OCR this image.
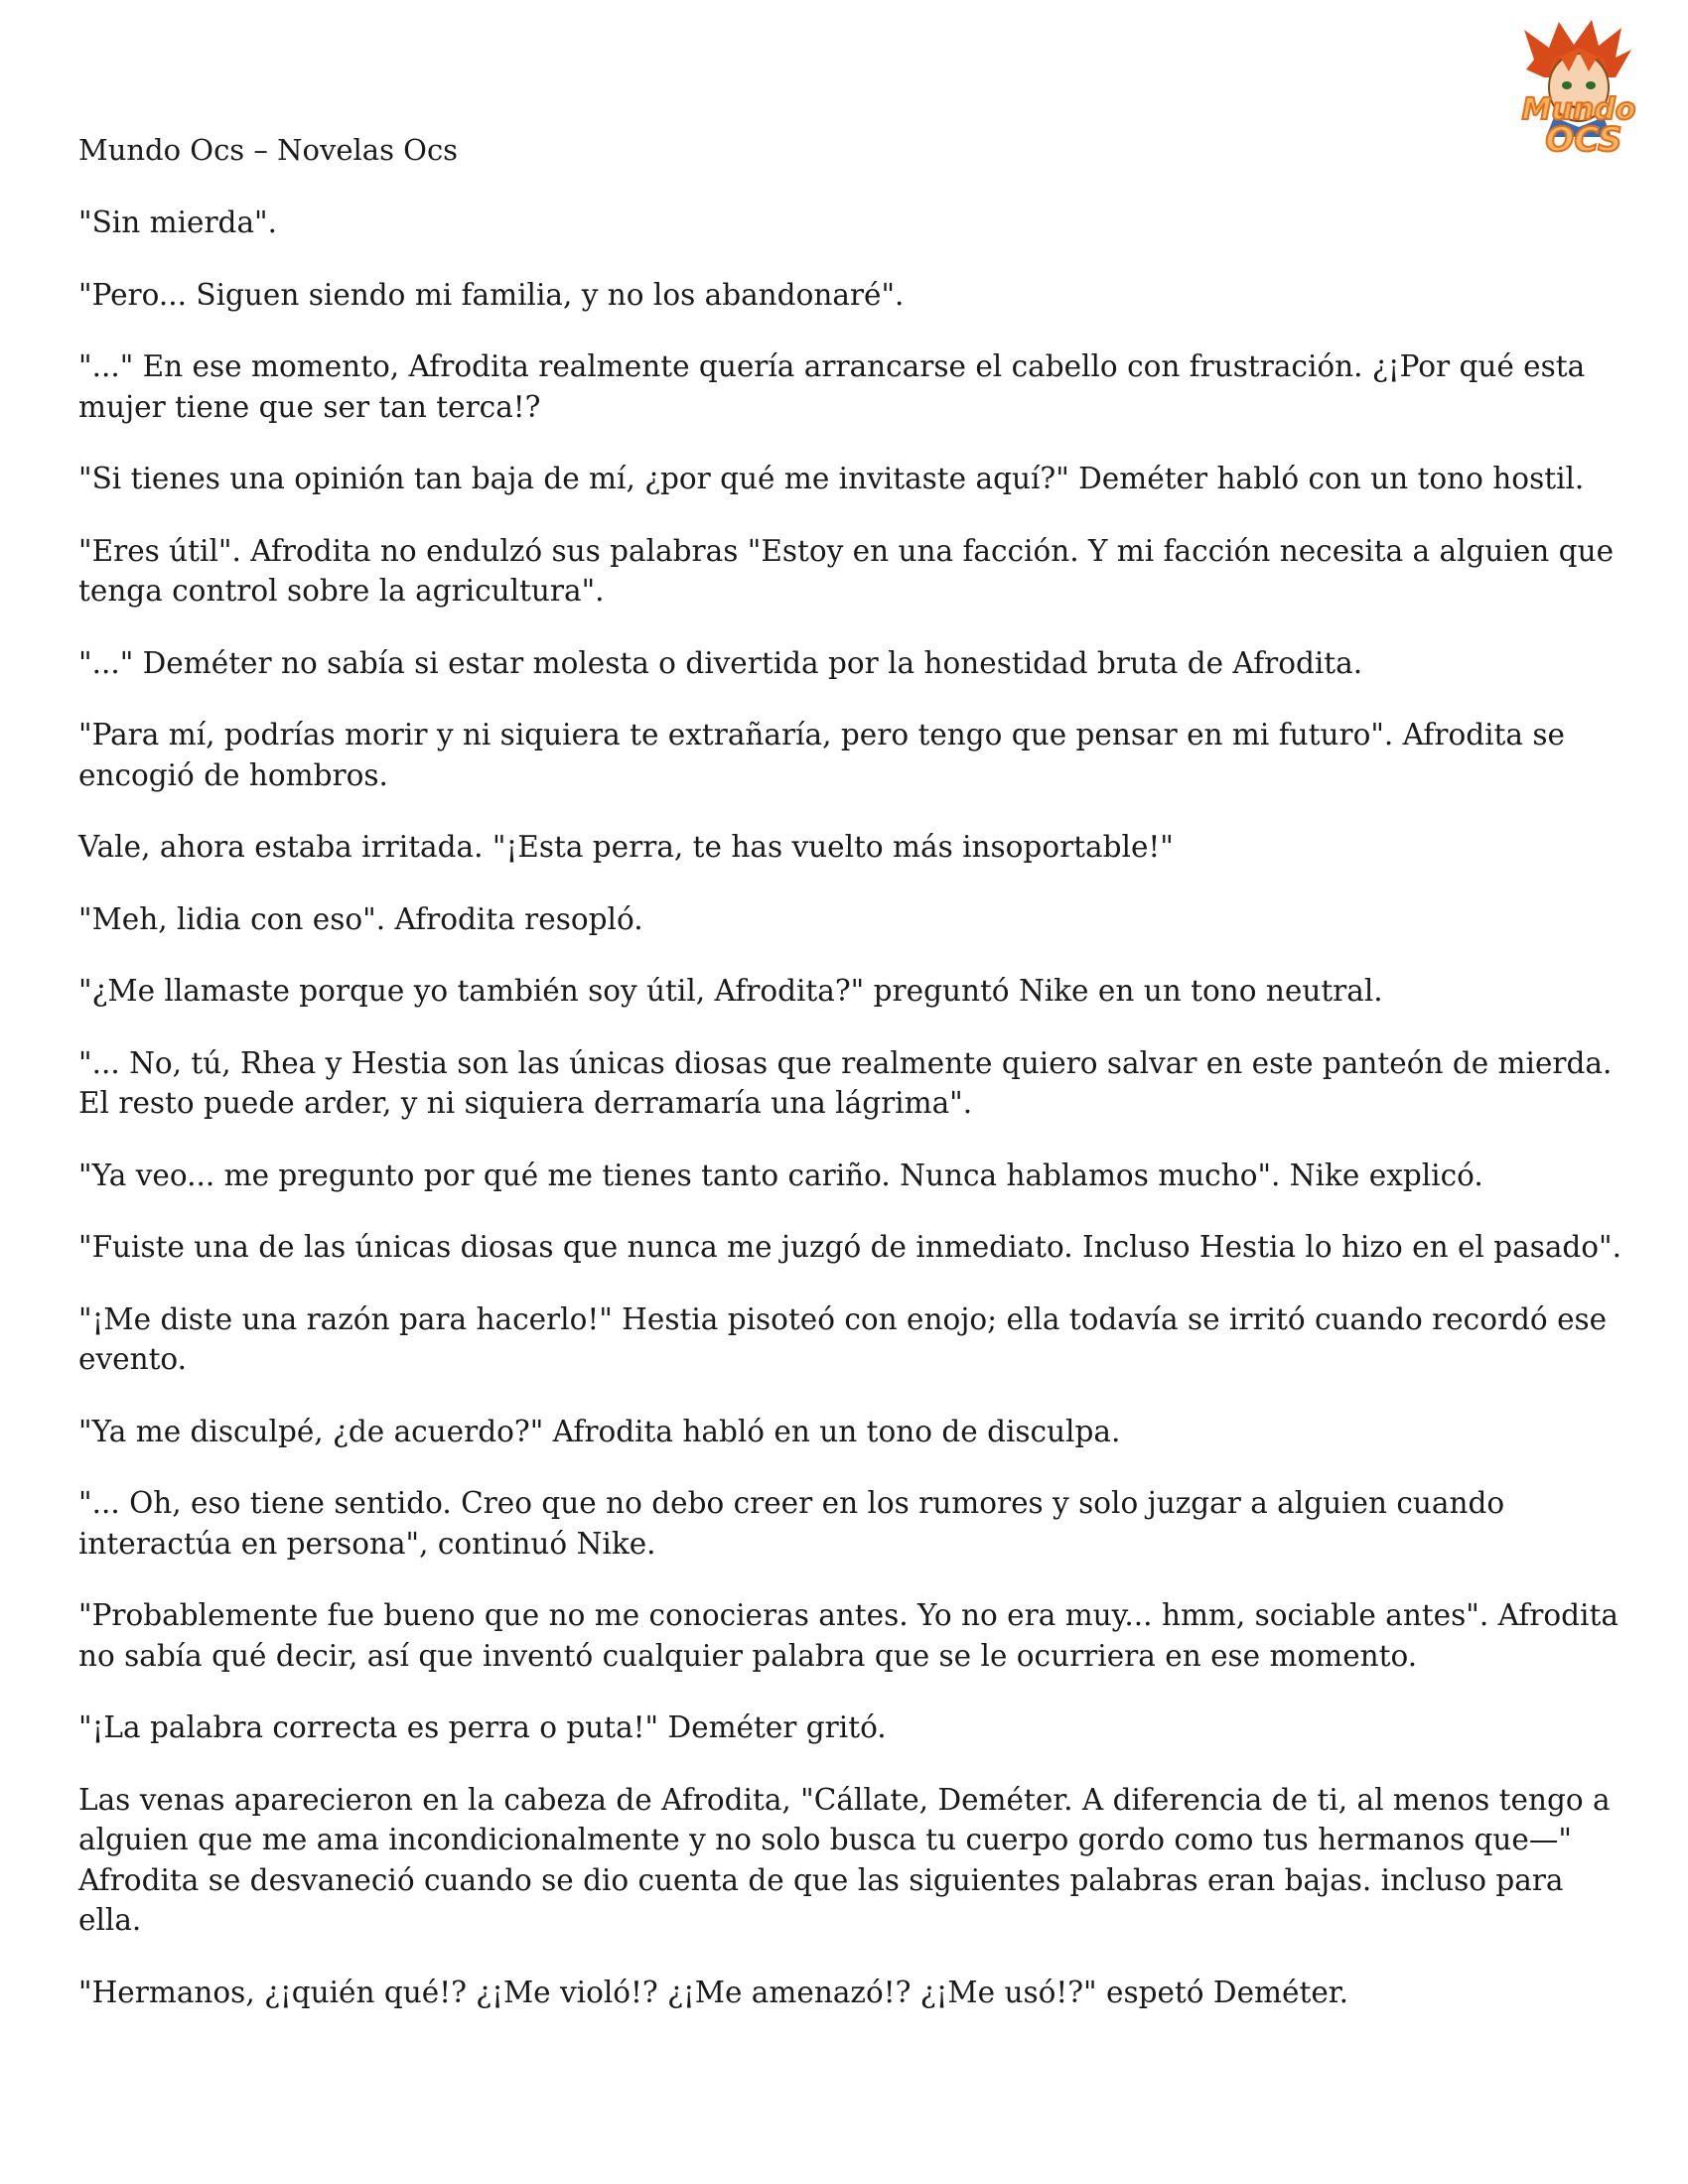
Mundo
OCS
Mundo Ocs – Novelas Ocs

"Sin mierda".

"Pero... Siguen siendo mi familia, y no los abandonaré".

"..." En ese momento, Afrodita realmente quería arrancarse el cabello con frustración. ¿¡Por qué esta mujer tiene que ser tan terca!?

"Si tienes una opinión tan baja de mí, ¿por qué me invitaste aquí?" Deméter habló con un tono hostil.

"Eres útil". Afrodita no endulzó sus palabras "Estoy en una facción. Y mi facción necesita a alguien que tenga control sobre la agricultura".

"..." Deméter no sabía si estar molesta o divertida por la honestidad bruta de Afrodita.

"Para mí, podrías morir y ni siquiera te extrañaría, pero tengo que pensar en mi futuro". Afrodita se encogió de hombros.

Vale, ahora estaba irritada. "¡Esta perra, te has vuelto más insoportable!"

"Meh, lidia con eso". Afrodita resopló.

"¿Me llamaste porque yo también soy útil, Afrodita?" preguntó Nike en un tono neutral.

"... No, tú, Rhea y Hestia son las únicas diosas que realmente quiero salvar en este panteón de mierda. El resto puede arder, y ni siquiera derramaría una lágrima".

"Ya veo... me pregunto por qué me tienes tanto cariño. Nunca hablamos mucho". Nike explicó.

"Fuiste una de las únicas diosas que nunca me juzgó de inmediato. Incluso Hestia lo hizo en el pasado".

"¡Me diste una razón para hacerlo!" Hestia pisoteó con enojo; ella todavía se irritó cuando recordó ese evento.

"Ya me disculpé, ¿de acuerdo?" Afrodita habló en un tono de disculpa.

"... Oh, eso tiene sentido. Creo que no debo creer en los rumores y solo juzgar a alguien cuando interactúa en persona", continuó Nike.

"Probablemente fue bueno que no me conocieras antes. Yo no era muy... hmm, sociable antes". Afrodita no sabía qué decir, así que inventó cualquier palabra que se le ocurriera en ese momento.

"¡La palabra correcta es perra o puta!" Deméter gritó.

Las venas aparecieron en la cabeza de Afrodita, "Cállate, Deméter. A diferencia de ti, al menos tengo a alguien que me ama incondicionalmente y no solo busca tu cuerpo gordo como tus hermanos que—" Afrodita se desvaneció cuando se dio cuenta de que las siguientes palabras eran bajas. incluso para ella.

"Hermanos, ¿¡quién qué!? ¿¡Me violó!? ¿¡Me amenazó!? ¿¡Me usó!?" espetó Deméter.
